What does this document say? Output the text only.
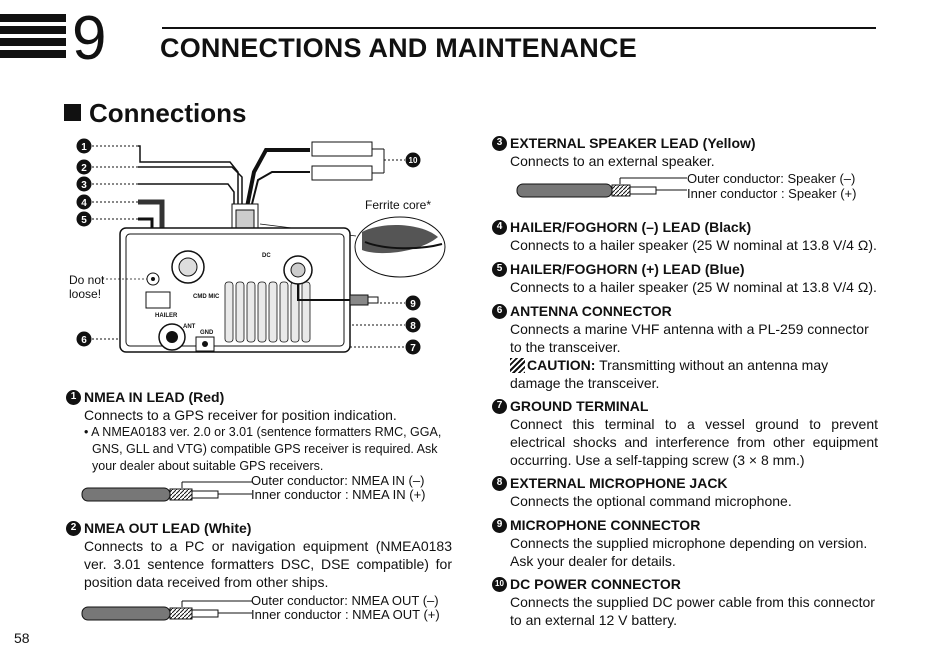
9 CONNECTIONS AND MAINTENANCE
Connections
1
2
3
4
5
6
10
9
8
7
Do not
loose!
Ferrite core*
HAILER
CMD MIC
ANT
GND
DC
1 NMEA IN LEAD (Red)
Connects to a GPS receiver for position indication.
• A NMEA0183 ver. 2.0 or 3.01 (sentence formatters RMC, GGA, GNS, GLL and VTG) compatible GPS receiver is required. Ask your dealer about suitable GPS receivers.
Outer conductor: NMEA IN (–)
Inner conductor : NMEA IN (+)
2 NMEA OUT LEAD (White)
Connects to a PC or navigation equipment (NMEA0183 ver. 3.01 sentence formatters DSC, DSE compatible) for position data received from other ships.
Outer conductor: NMEA OUT (–)
Inner conductor : NMEA OUT (+)
3 EXTERNAL SPEAKER LEAD (Yellow)
Connects to an external speaker.
Outer conductor: Speaker (–)
Inner conductor : Speaker (+)
4 HAILER/FOGHORN (–) LEAD (Black)
Connects to a hailer speaker (25 W nominal at 13.8 V/4 Ω).
5 HAILER/FOGHORN (+) LEAD (Blue)
Connects to a hailer speaker (25 W nominal at 13.8 V/4 Ω).
6 ANTENNA CONNECTOR
Connects a marine VHF antenna with a PL-259 connector to the transceiver.
CAUTION: Transmitting without an antenna may damage the transceiver.
7 GROUND TERMINAL
Connect this terminal to a vessel ground to prevent electrical shocks and interference from other equipment occurring. Use a self-tapping screw (3 × 8 mm.)
8 EXTERNAL MICROPHONE JACK
Connects the optional command microphone.
9 MICROPHONE CONNECTOR
Connects the supplied microphone depending on version. Ask your dealer for details.
10 DC POWER CONNECTOR
Connects the supplied DC power cable from this connector to an external 12 V battery.
58
